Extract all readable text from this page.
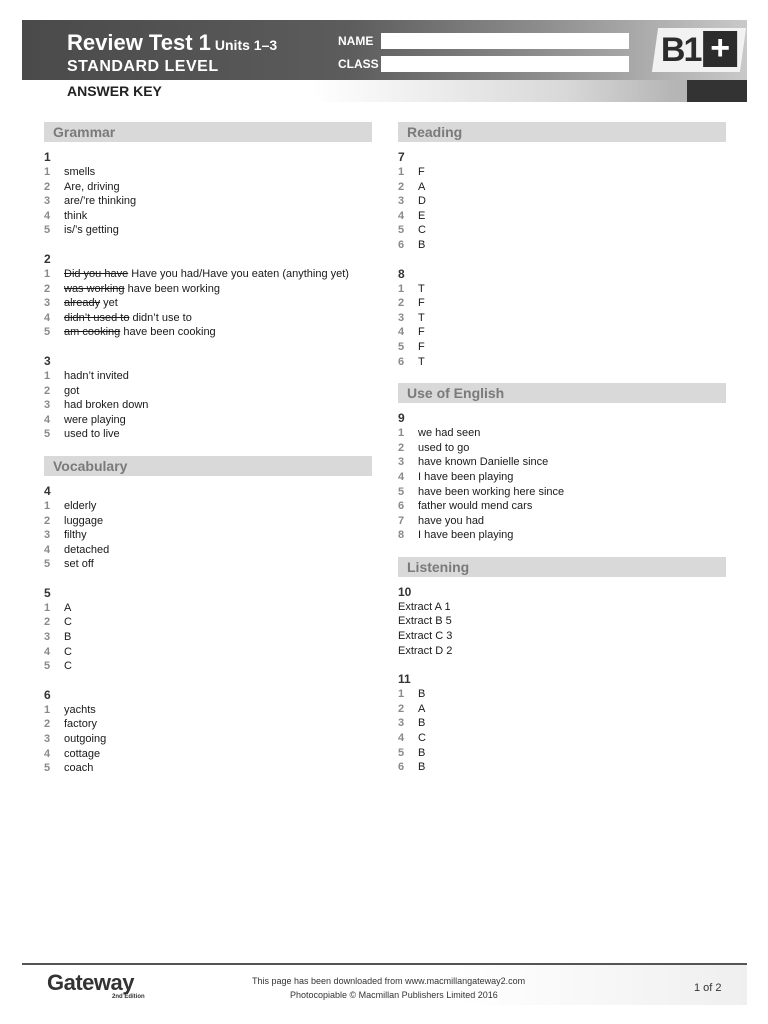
Review Test 1 Units 1–3
STANDARD LEVEL
NAME
CLASS
ANSWER KEY
B1 +
Grammar
1
1 smells
2 Are, driving
3 are/’re thinking
4 think
5 is/’s getting
2
1 Did you have Have you had/Have you eaten (anything yet)
2 was working have been working
3 already yet
4 didn’t used to didn’t use to
5 am cooking have been cooking
3
1 hadn’t invited
2 got
3 had broken down
4 were playing
5 used to live
Vocabulary
4
1 elderly
2 luggage
3 filthy
4 detached
5 set off
5
1 A
2 C
3 B
4 C
5 C
6
1 yachts
2 factory
3 outgoing
4 cottage
5 coach
Reading
7
1 F
2 A
3 D
4 E
5 C
6 B
8
1 T
2 F
3 T
4 F
5 F
6 T
Use of English
9
1 we had seen
2 used to go
3 have known Danielle since
4 I have been playing
5 have been working here since
6 father would mend cars
7 have you had
8 I have been playing
Listening
10
Extract A 1
Extract B 5
Extract C 3
Extract D 2
11
1 B
2 A
3 B
4 C
5 B
6 B
Gateway
2nd Edition
This page has been downloaded from www.macmillangateway2.com
Photocopiable © Macmillan Publishers Limited 2016
1 of 2
